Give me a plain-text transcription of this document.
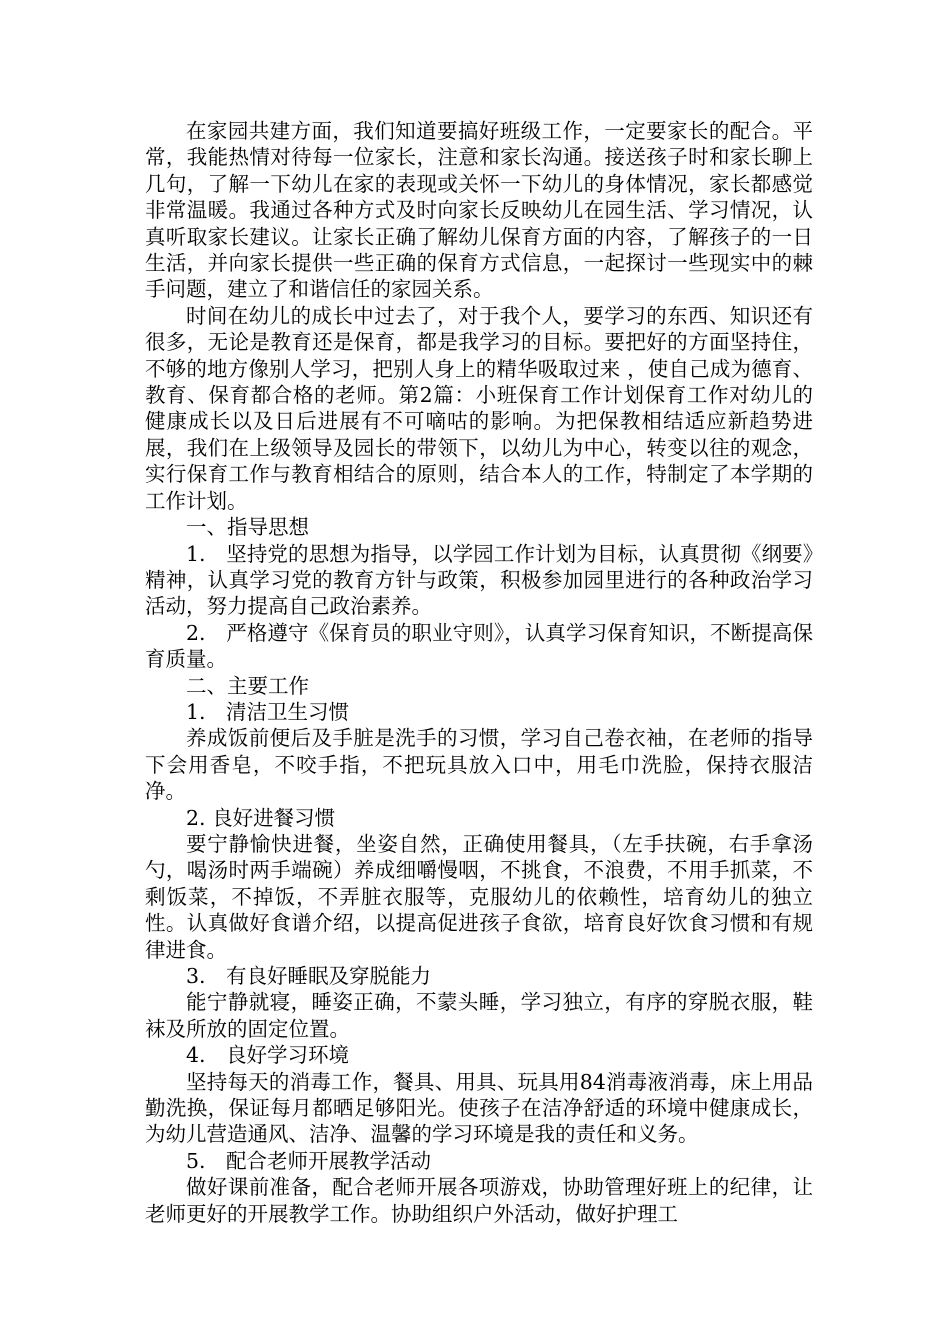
在家园共建方面，我们知道要搞好班级工作，一定要家长的配合。平常，我能热情对待每一位家长，注意和家长沟通。接送孩子时和家长聊上几句，了解一下幼儿在家的表现或关怀一下幼儿的身体情况，家长都感觉非常温暖。我通过各种方式及时向家长反映幼儿在园生活、学习情况，认真听取家长建议。让家长正确了解幼儿保育方面的内容，了解孩子的一日生活，并向家长提供一些正确的保育方式信息，一起探讨一些现实中的棘手问题，建立了和谐信任的家园关系。

时间在幼儿的成长中过去了，对于我个人，要学习的东西、知识还有很多，无论是教育还是保育，都是我学习的目标。要把好的方面坚持住，不够的地方像别人学习，把别人身上的精华吸取过来 ，使自己成为德育、教育、保育都合格的老师。第2篇：小班保育工作计划保育工作对幼儿的健康成长以及日后进展有不可嘀咕的影响。为把保教相结适应新趋势进展，我们在上级领导及园长的带领下，以幼儿为中心，转变以往的观念，实行保育工作与教育相结合的原则，结合本人的工作，特制定了本学期的工作计划。

一、指导思想

1.　坚持党的思想为指导，以学园工作计划为目标，认真贯彻《纲要》精神，认真学习党的教育方针与政策，积极参加园里进行的各种政治学习活动，努力提高自己政治素养。

2.　严格遵守《保育员的职业守则》，认真学习保育知识，不断提高保育质量。

二、主要工作

1.　清洁卫生习惯

养成饭前便后及手脏是洗手的习惯，学习自己卷衣袖，在老师的指导下会用香皂，不咬手指，不把玩具放入口中，用毛巾洗脸，保持衣服洁净。

2. 良好进餐习惯

要宁静愉快进餐，坐姿自然，正确使用餐具，（左手扶碗，右手拿汤勺，喝汤时两手端碗）养成细嚼慢咽，不挑食，不浪费，不用手抓菜，不剩饭菜，不掉饭，不弄脏衣服等，克服幼儿的依赖性，培育幼儿的独立性。认真做好食谱介绍，以提高促进孩子食欲，培育良好饮食习惯和有规律进食。

3.　有良好睡眠及穿脱能力

能宁静就寝，睡姿正确，不蒙头睡，学习独立，有序的穿脱衣服，鞋袜及所放的固定位置。

4.　良好学习环境

坚持每天的消毒工作，餐具、用具、玩具用84消毒液消毒，床上用品勤洗换，保证每月都晒足够阳光。使孩子在洁净舒适的环境中健康成长，为幼儿营造通风、洁净、温馨的学习环境是我的责任和义务。

5.　配合老师开展教学活动

做好课前准备，配合老师开展各项游戏，协助管理好班上的纪律，让老师更好的开展教学工作。协助组织户外活动，做好护理工
